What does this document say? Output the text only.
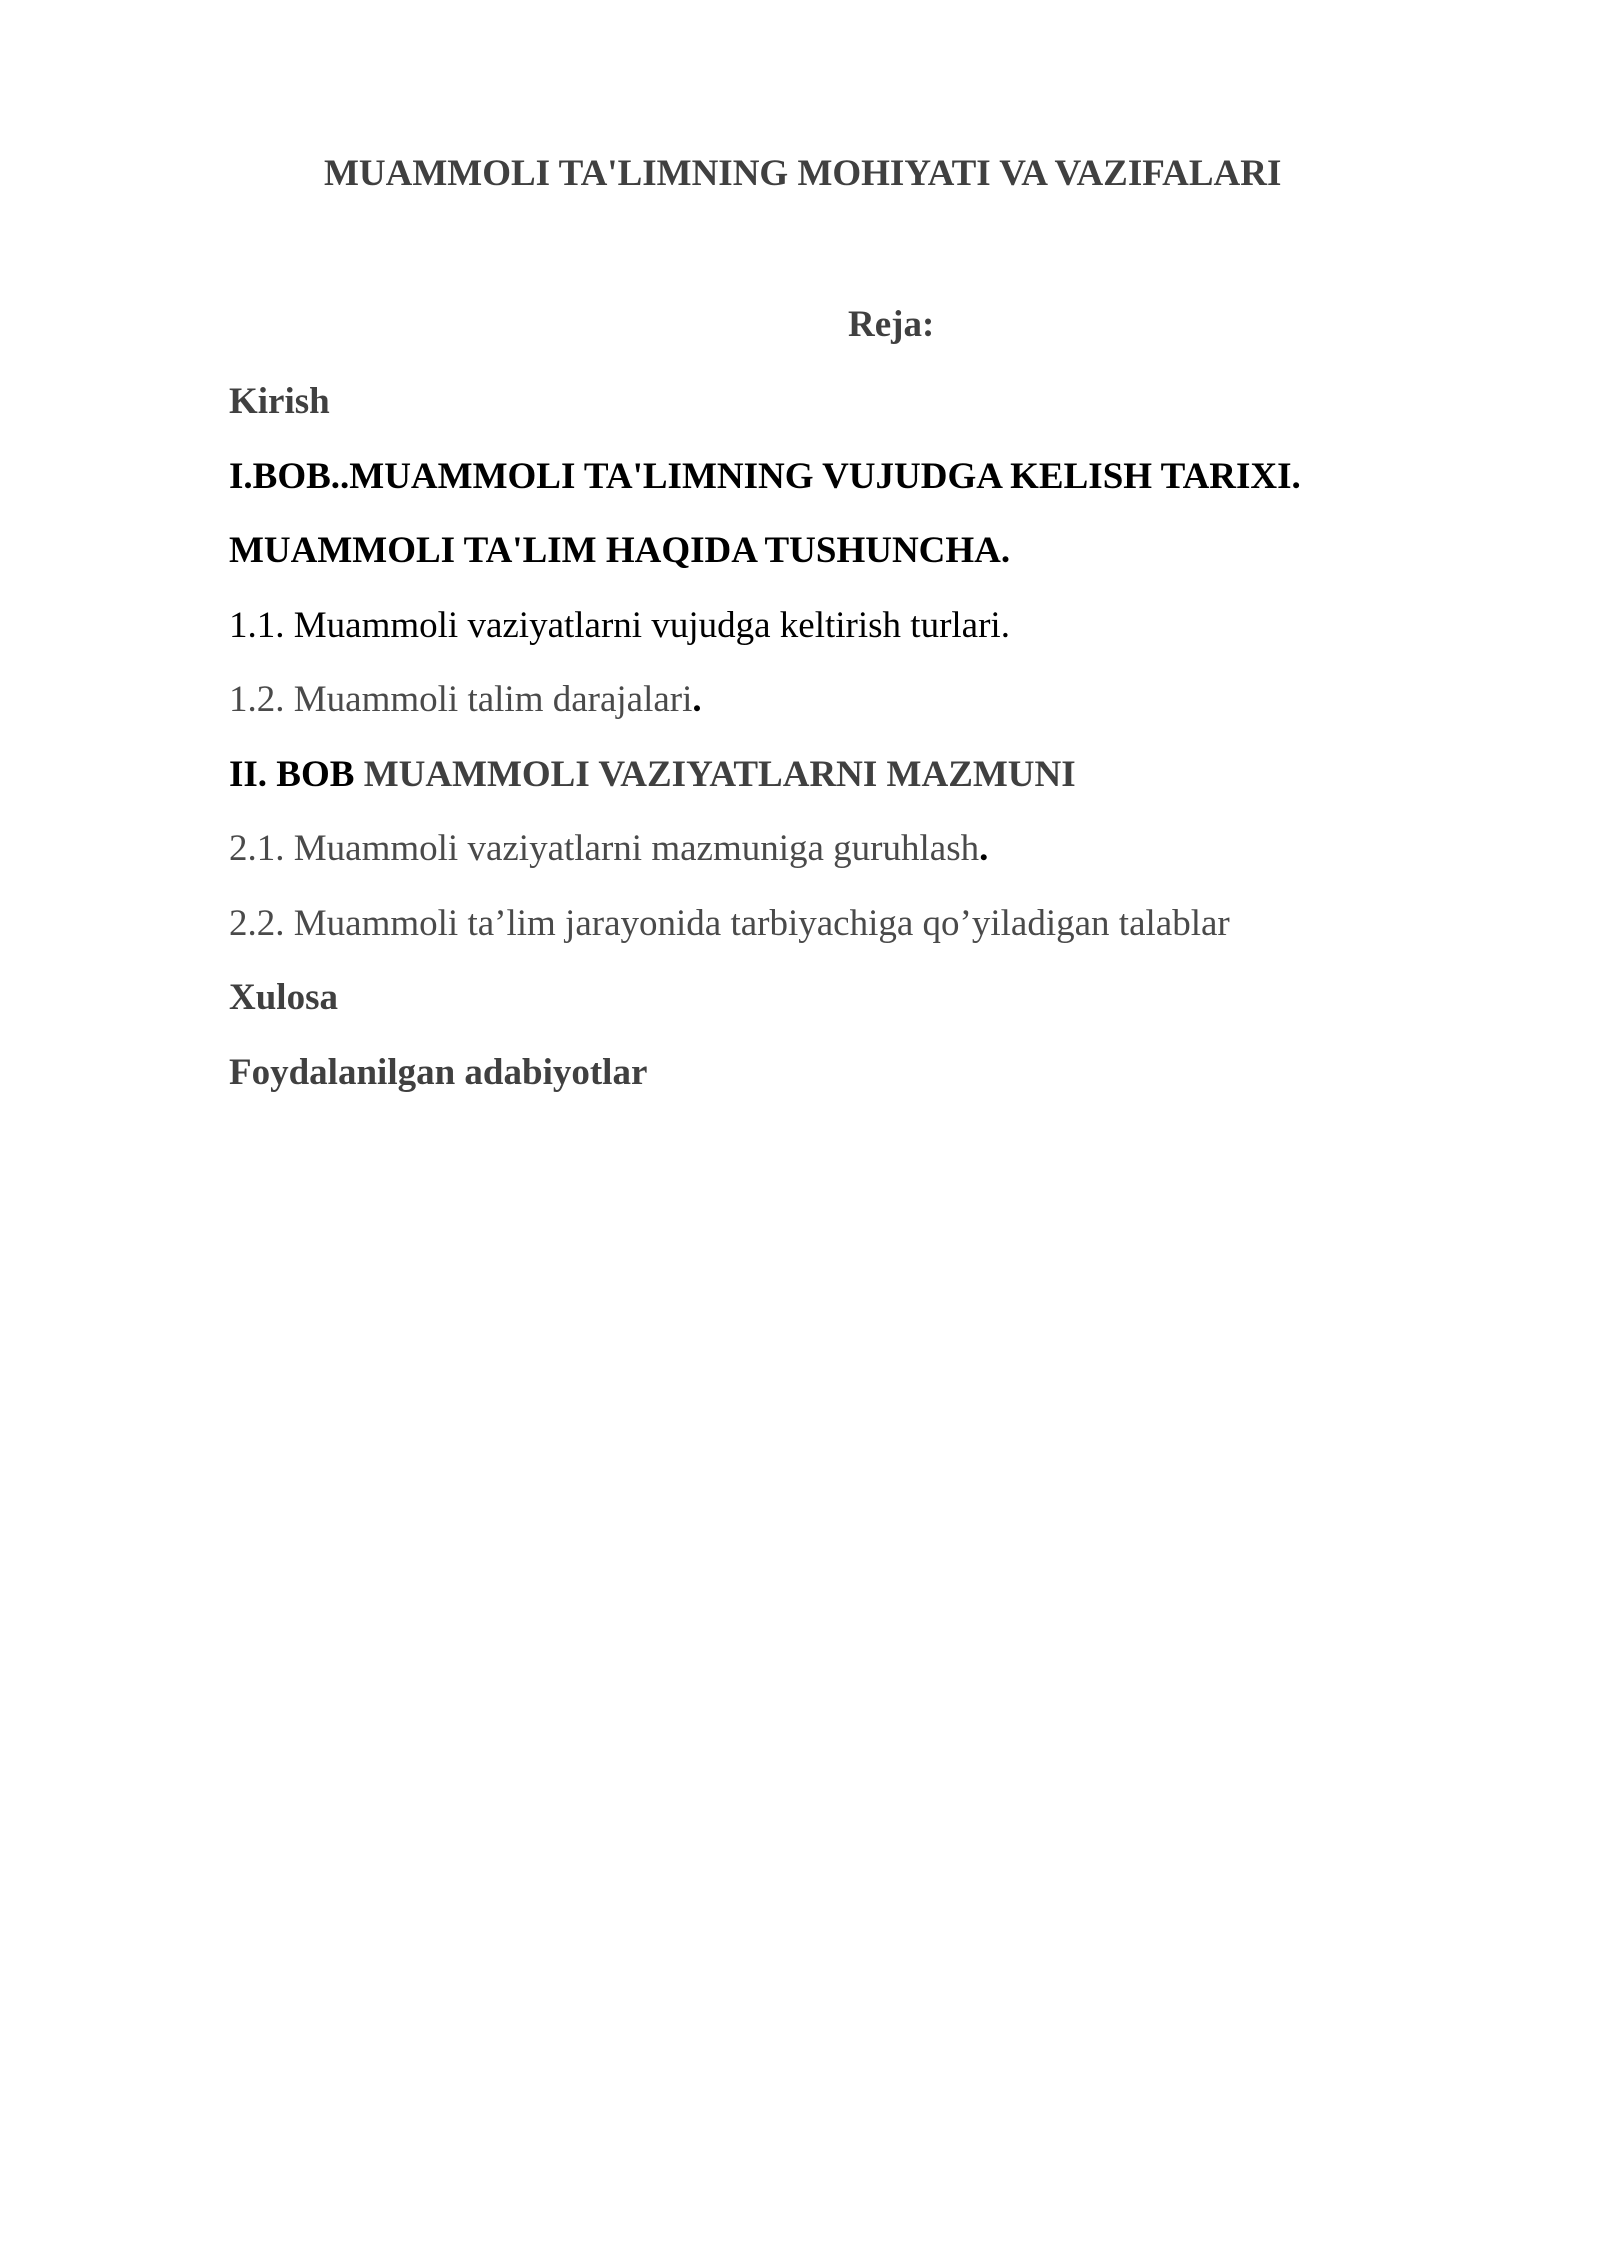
MUAMMOLI TA'LIMNING MOHIYATI VA VAZIFALARI
Reja:
Kirish
I.BOB..MUAMMOLI TA'LIMNING VUJUDGA KELISH TARIXI.
MUAMMOLI TA'LIM HAQIDA TUSHUNCHA.
1.1. Muammoli vaziyatlarni vujudga keltirish turlari.
1.2. Muammoli talim darajalari.
II. BOB MUAMMOLI VAZIYATLARNI MAZMUNI
2.1. Muammoli vaziyatlarni mazmuniga guruhlash.
2.2. Muammoli ta’lim jarayonida tarbiyachiga qo’yiladigan talablar
Xulosa
Foydalanilgan adabiyotlar
